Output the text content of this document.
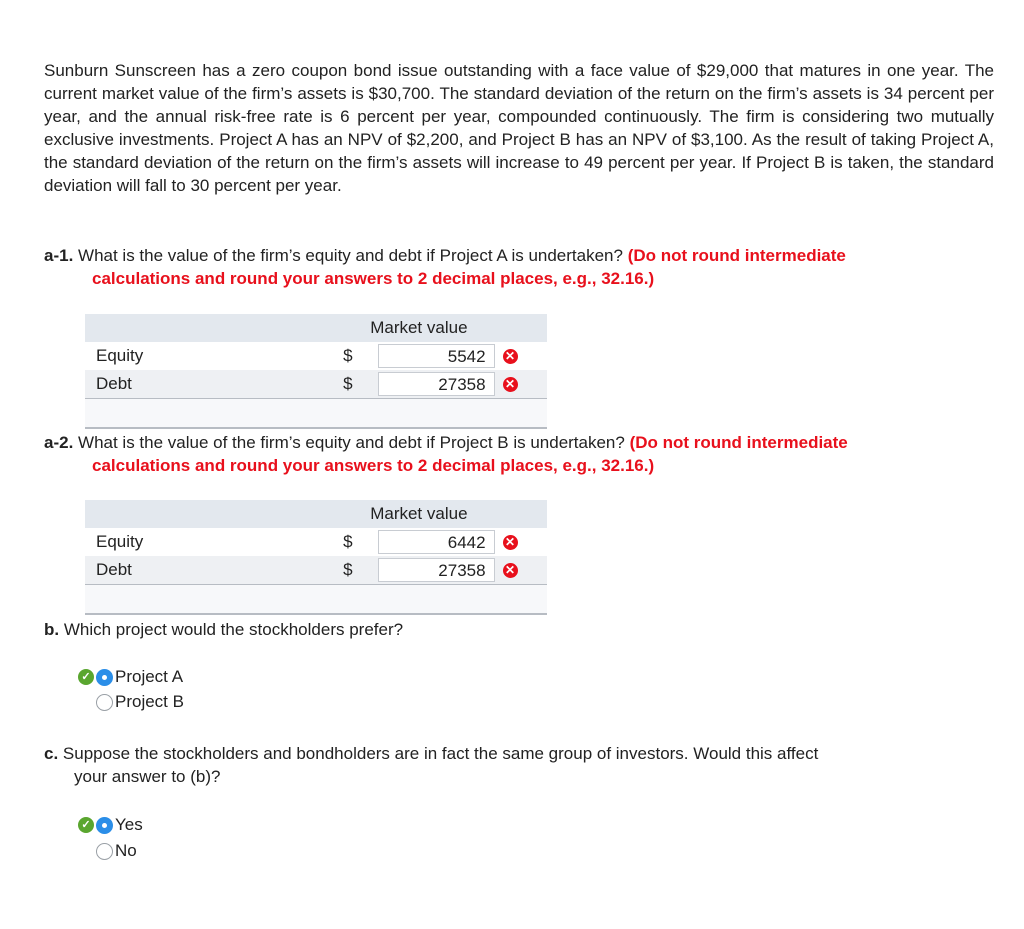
Sunburn Sunscreen has a zero coupon bond issue outstanding with a face value of $29,000 that matures in one year. The current market value of the firm’s assets is $30,700. The standard deviation of the return on the firm’s assets is 34 percent per year, and the annual risk-free rate is 6 percent per year, compounded continuously. The firm is considering two mutually exclusive investments. Project A has an NPV of $2,200, and Project B has an NPV of $3,100. As the result of taking Project A, the standard deviation of the return on the firm’s assets will increase to 49 percent per year. If Project B is taken, the standard deviation will fall to 30 percent per year.
a-1. What is the value of the firm’s equity and debt if Project A is undertaken? (Do not round intermediate
calculations and round your answers to 2 decimal places, e.g., 32.16.)
	Market value		
Equity	$	5542	✕
Debt	$	27358	✕

a-2. What is the value of the firm’s equity and debt if Project B is undertaken? (Do not round intermediate
calculations and round your answers to 2 decimal places, e.g., 32.16.)
	Market value		
Equity	$	6442	✕
Debt	$	27358	✕

b. Which project would the stockholders prefer?
✓ Project A
Project B
c. Suppose the stockholders and bondholders are in fact the same group of investors. Would this affect
your answer to (b)?
✓ Yes
No
